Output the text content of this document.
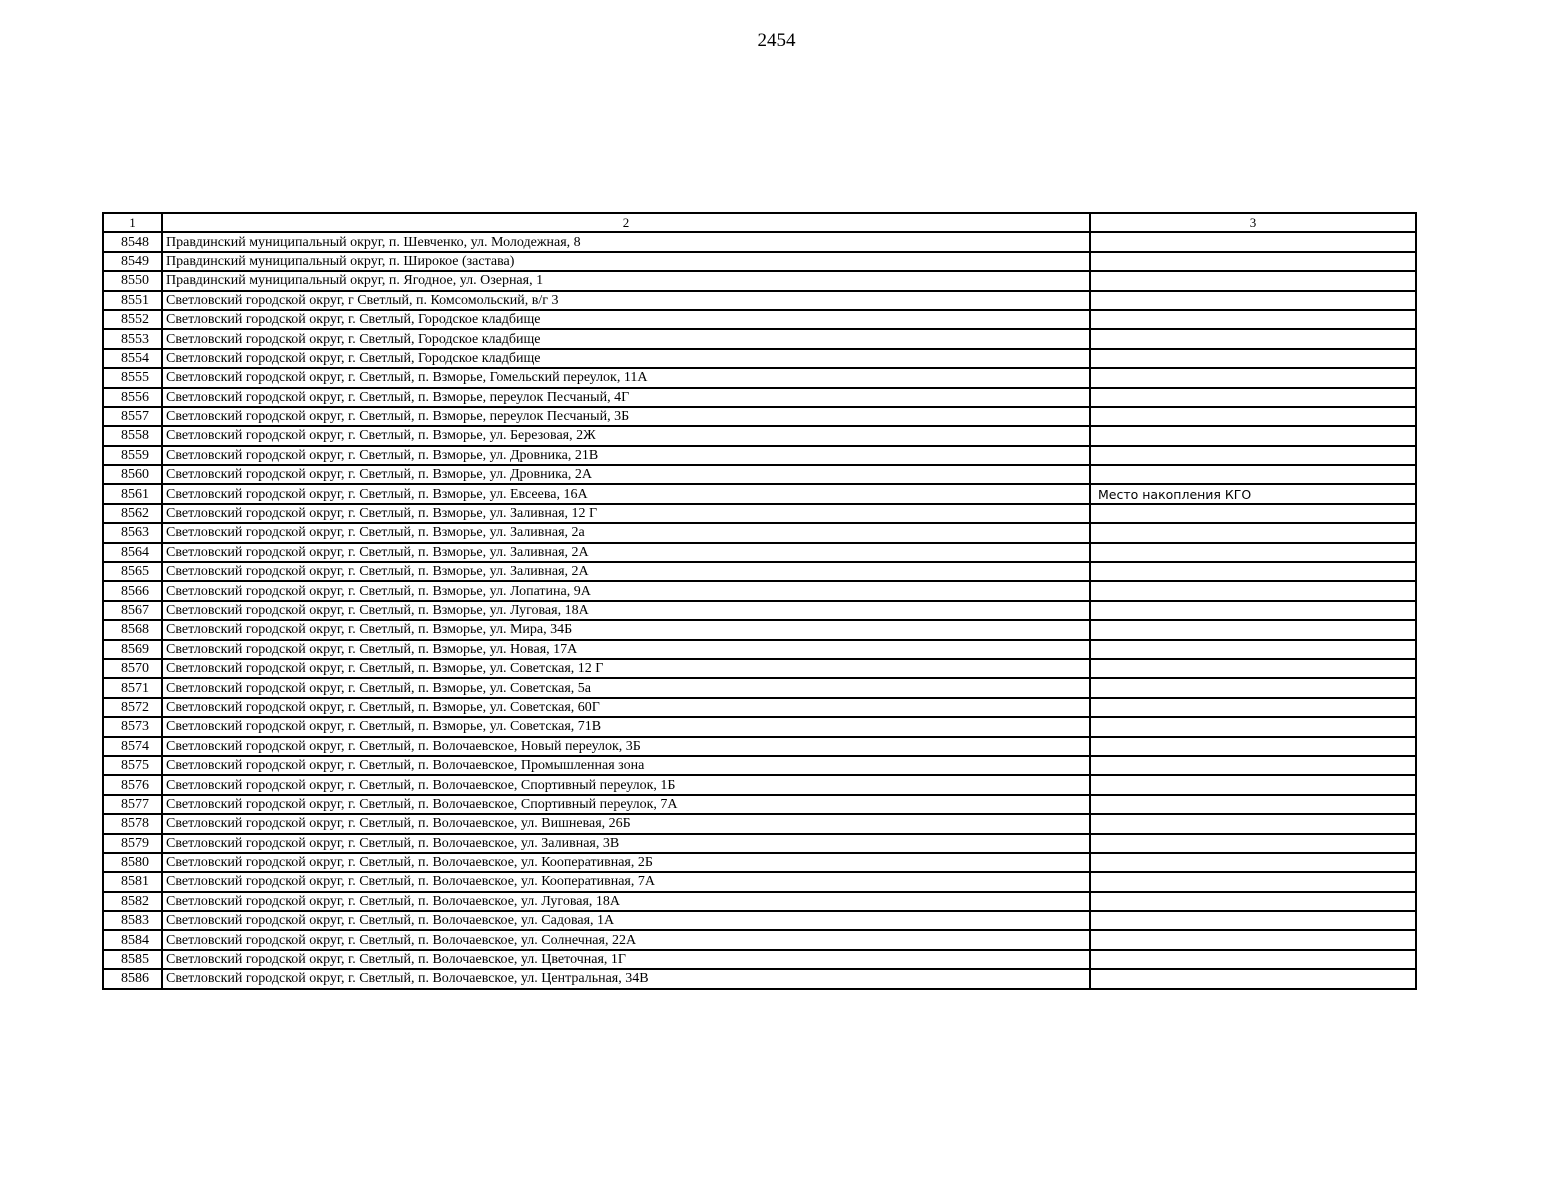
2454
1	2	3
8548	Правдинский муниципальный округ, п. Шевченко, ул. Молодежная, 8	
8549	Правдинский муниципальный округ, п. Широкое (застава)	
8550	Правдинский муниципальный округ, п. Ягодное, ул. Озерная, 1	
8551	Светловский городской округ, г Светлый, п. Комсомольский, в/г 3	
8552	Светловский городской округ, г. Светлый, Городское кладбище	
8553	Светловский городской округ, г. Светлый, Городское кладбище	
8554	Светловский городской округ, г. Светлый, Городское кладбище	
8555	Светловский городской округ, г. Светлый, п. Взморье, Гомельский переулок, 11А	
8556	Светловский городской округ, г. Светлый, п. Взморье, переулок Песчаный, 4Г	
8557	Светловский городской округ, г. Светлый, п. Взморье, переулок Песчаный, 3Б	
8558	Светловский городской округ, г. Светлый, п. Взморье, ул. Березовая, 2Ж	
8559	Светловский городской округ, г. Светлый, п. Взморье, ул. Дровника, 21В	
8560	Светловский городской округ, г. Светлый, п. Взморье, ул. Дровника, 2А	
8561	Светловский городской округ, г. Светлый, п. Взморье, ул. Евсеева, 16А	Место накопления КГО
8562	Светловский городской округ, г. Светлый, п. Взморье, ул. Заливная, 12 Г	
8563	Светловский городской округ, г. Светлый, п. Взморье, ул. Заливная, 2а	
8564	Светловский городской округ, г. Светлый, п. Взморье, ул. Заливная, 2А	
8565	Светловский городской округ, г. Светлый, п. Взморье, ул. Заливная, 2А	
8566	Светловский городской округ, г. Светлый, п. Взморье, ул. Лопатина, 9А	
8567	Светловский городской округ, г. Светлый, п. Взморье, ул. Луговая, 18А	
8568	Светловский городской округ, г. Светлый, п. Взморье, ул. Мира, 34Б	
8569	Светловский городской округ, г. Светлый, п. Взморье, ул. Новая, 17А	
8570	Светловский городской округ, г. Светлый, п. Взморье, ул. Советская, 12 Г	
8571	Светловский городской округ, г. Светлый, п. Взморье, ул. Советская, 5а	
8572	Светловский городской округ, г. Светлый, п. Взморье, ул. Советская, 60Г	
8573	Светловский городской округ, г. Светлый, п. Взморье, ул. Советская, 71В	
8574	Светловский городской округ, г. Светлый, п. Волочаевское, Новый переулок, 3Б	
8575	Светловский городской округ, г. Светлый, п. Волочаевское, Промышленная зона	
8576	Светловский городской округ, г. Светлый, п. Волочаевское, Спортивный переулок, 1Б	
8577	Светловский городской округ, г. Светлый, п. Волочаевское, Спортивный переулок, 7А	
8578	Светловский городской округ, г. Светлый, п. Волочаевское, ул. Вишневая, 26Б	
8579	Светловский городской округ, г. Светлый, п. Волочаевское, ул. Заливная, 3В	
8580	Светловский городской округ, г. Светлый, п. Волочаевское, ул. Кооперативная, 2Б	
8581	Светловский городской округ, г. Светлый, п. Волочаевское, ул. Кооперативная, 7А	
8582	Светловский городской округ, г. Светлый, п. Волочаевское, ул. Луговая, 18А	
8583	Светловский городской округ, г. Светлый, п. Волочаевское, ул. Садовая, 1А	
8584	Светловский городской округ, г. Светлый, п. Волочаевское, ул. Солнечная, 22А	
8585	Светловский городской округ, г. Светлый, п. Волочаевское, ул. Цветочная, 1Г	
8586	Светловский городской округ, г. Светлый, п. Волочаевское, ул. Центральная, 34В	
